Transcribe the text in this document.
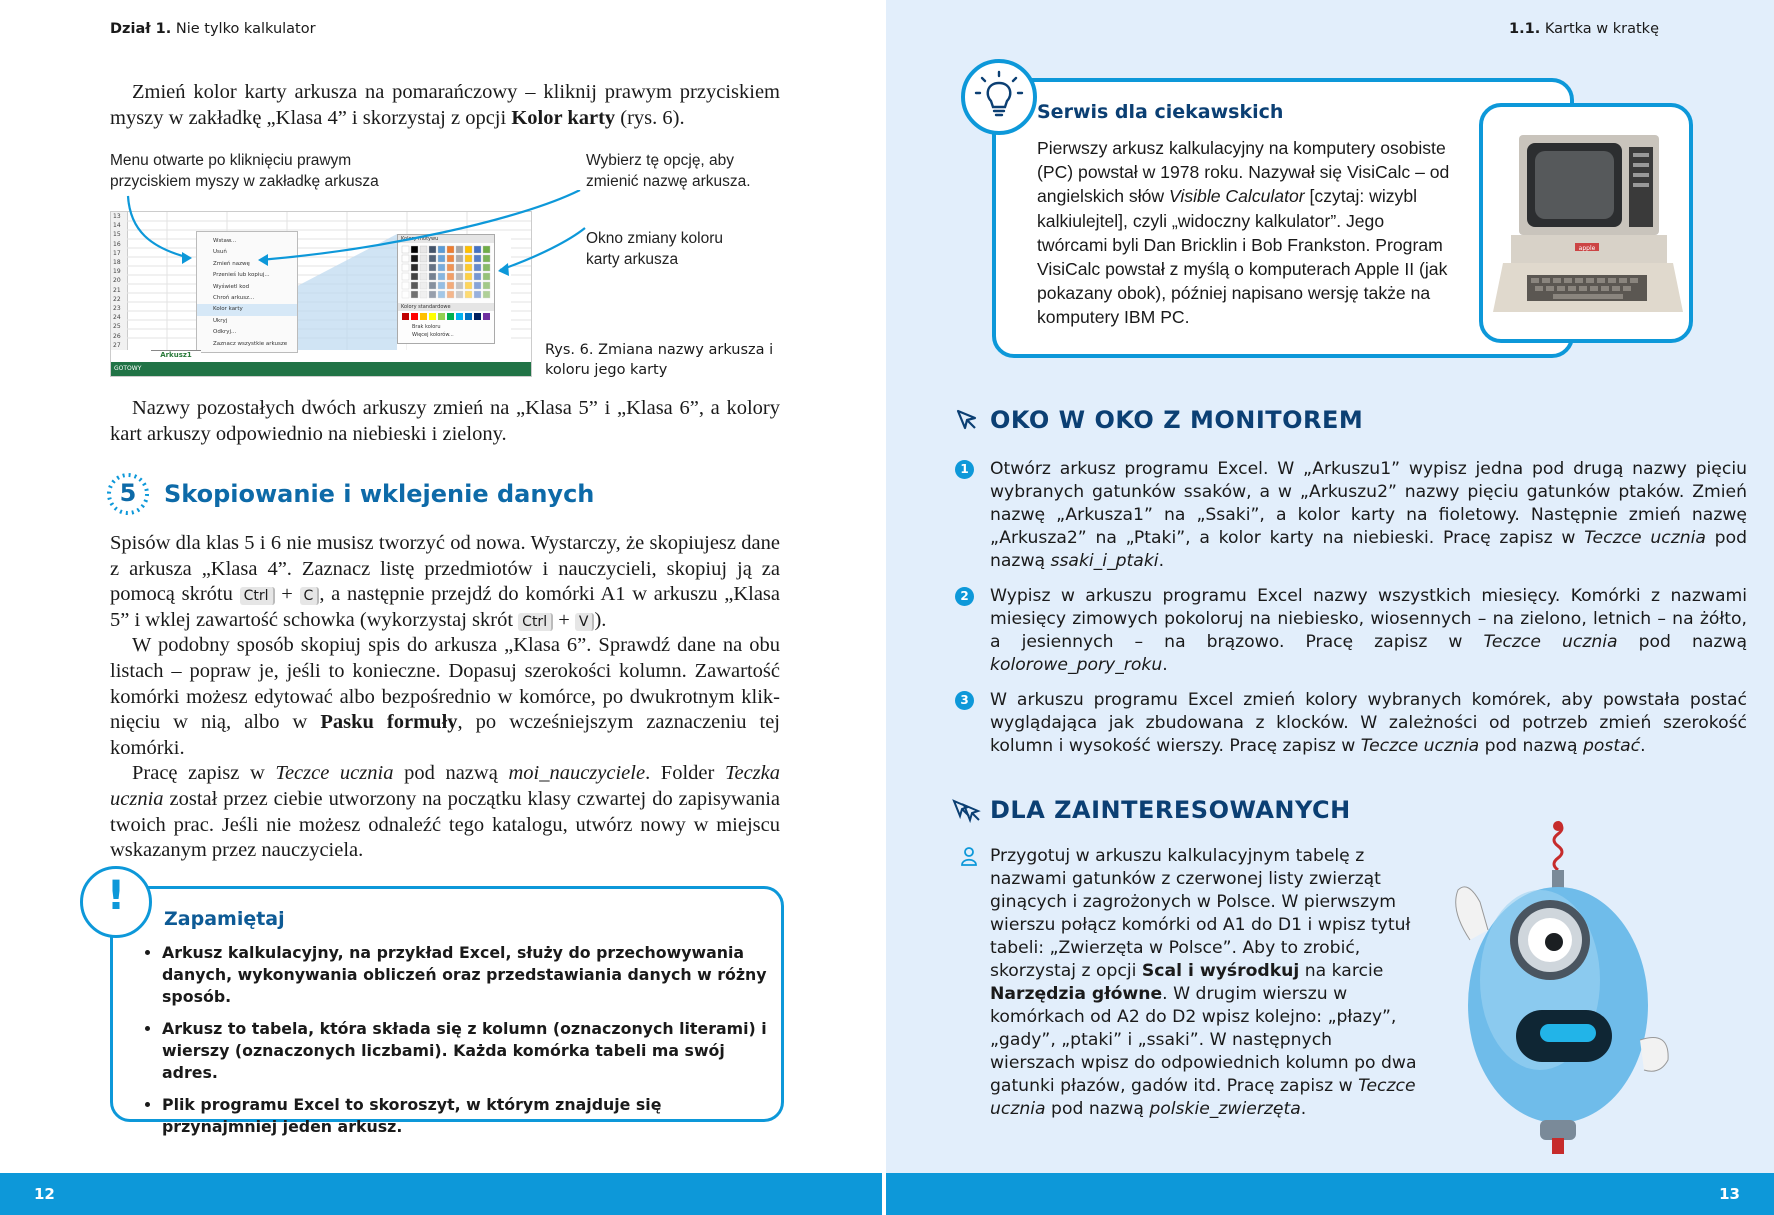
Dział 1. Nie tylko kalkulator	1.1. Kartka w kratkę

Zmień kolor karty arkusza na pomarańczowy – kliknij prawym przyciskiem myszy w zakładkę „Klasa 4” i skorzystaj z opcji Kolor karty (rys. 6).

Menu otwarte po kliknięciu prawym przyciskiem myszy w zakładkę arkusza
Wybierz tę opcję, aby zmienić nazwę arkusza.
Okno zmiany koloru karty arkusza
Rys. 6. Zmiana nazwy arkusza i koloru jego karty
13
14
15
16
17
18
19
20
21
22
23
24
25
26
27
Wstaw...
Usuń
Zmień nazwę
Przenieś lub kopiuj...
Wyświetl kod
Chroń arkusz...
Kolor karty
Ukryj
Odkryj...
Zaznacz wszystkie arkusze
Kolory motywu
Kolory standardowe
Brak koloru
Więcej kolorów...
Arkusz1
GOTOWY

Nazwy pozostałych dwóch arkuszy zmień na „Klasa 5” i „Klasa 6”, a kolory kart arkuszy odpowiednio na niebieski i zielony.

5	Skopiowanie i wklejenie danych

Spisów dla klas 5 i 6 nie musisz tworzyć od nowa. Wystarczy, że skopiujesz dane z arkusza „Klasa 4”. Zaznacz listę przedmiotów i nauczycieli, skopiuj ją za pomocą skrótu Ctrl + C , a następnie przejdź do komórki A1 w arkuszu „Klasa 5” i wklej zawartość schowka (wykorzystaj skrót Ctrl + V ).

W podobny sposób skopiuj spis do arkusza „Klasa 6”. Sprawdź dane na obu listach – popraw je, jeśli to konieczne. Dopasuj szerokości kolumn. Zawartość komórki możesz edytować albo bezpośrednio w komórce, po dwukrotnym kliknięciu w nią, albo w Pasku formuły, po wcześniejszym zaznaczeniu tej komórki.

Pracę zapisz w Teczce ucznia pod nazwą moi_nauczyciele. Folder Teczka ucznia został przez ciebie utworzony na początku klasy czwartej do zapisywania twoich prac. Jeśli nie możesz odnaleźć tego katalogu, utwórz nowy w miejscu wskazanym przez nauczyciela.

!	Zapamiętaj
• Arkusz kalkulacyjny, na przykład Excel, służy do przechowywania danych, wykonywania obliczeń oraz przedstawiania danych w różny sposób.
• Arkusz to tabela, która składa się z kolumn (oznaczonych literami) i wierszy (oznaczonych liczbami). Każda komórka tabeli ma swój adres.
• Plik programu Excel to skoroszyt, w którym znajduje się przynajmniej jeden arkusz.
12	13
Serwis dla ciekawskich
Pierwszy arkusz kalkulacyjny na komputery osobiste (PC) powstał w 1978 roku. Nazywał się VisiCalc – od angielskich słów Visible Calculator [czytaj: wizybl kalkiulejtel], czyli „widoczny kalkulator”. Jego twórcami byli Dan Bricklin i Bob Frankston. Program VisiCalc powstał z myślą o komputerach Apple II (jak pokazany obok), później napisano wersję także na komputery IBM PC.
apple
OKO W OKO Z MONITOREM
1	Otwórz arkusz programu Excel. W „Arkuszu1” wypisz jedna pod drugą nazwy pięciu wybranych gatunków ssaków, a w „Arkuszu2” nazwy pięciu gatunków ptaków. Zmień nazwę „Arkusza1” na „Ssaki”, a kolor karty na fioletowy. Następnie zmień nazwę „Arkusza2” na „Ptaki”, a kolor karty na niebieski. Pracę zapisz w Teczce ucznia pod nazwą ssaki_i_ptaki.
2	Wypisz w arkuszu programu Excel nazwy wszystkich miesięcy. Komórki z nazwami miesięcy zimowych pokoloruj na niebiesko, wiosennych – na zielono, letnich – na żółto, a jesiennych – na brązowo. Pracę zapisz w Teczce ucznia pod nazwą kolorowe_pory_roku.
3	W arkuszu programu Excel zmień kolory wybranych komórek, aby powstała postać wyglądająca jak zbudowana z klocków. W zależności od potrzeb zmień szerokość kolumn i wysokość wierszy. Pracę zapisz w Teczce ucznia pod nazwą postać.
DLA ZAINTERESOWANYCH
Przygotuj w arkuszu kalkulacyjnym tabelę z nazwami gatunków z czerwonej listy zwierząt ginących i zagrożonych w Polsce. W pierwszym wierszu połącz komórki od A1 do D1 i wpisz tytuł tabeli: „Zwierzęta w Polsce”. Aby to zrobić, skorzystaj z opcji Scal i wyśrodkuj na karcie Narzędzia główne. W drugim wierszu w komórkach od A2 do D2 wpisz kolejno: „płazy”, „gady”, „ptaki” i „ssaki”. W następnych wierszach wpisz do odpowiednich kolumn po dwa gatunki płazów, gadów itd. Pracę zapisz w Teczce ucznia pod nazwą polskie_zwierzęta.
